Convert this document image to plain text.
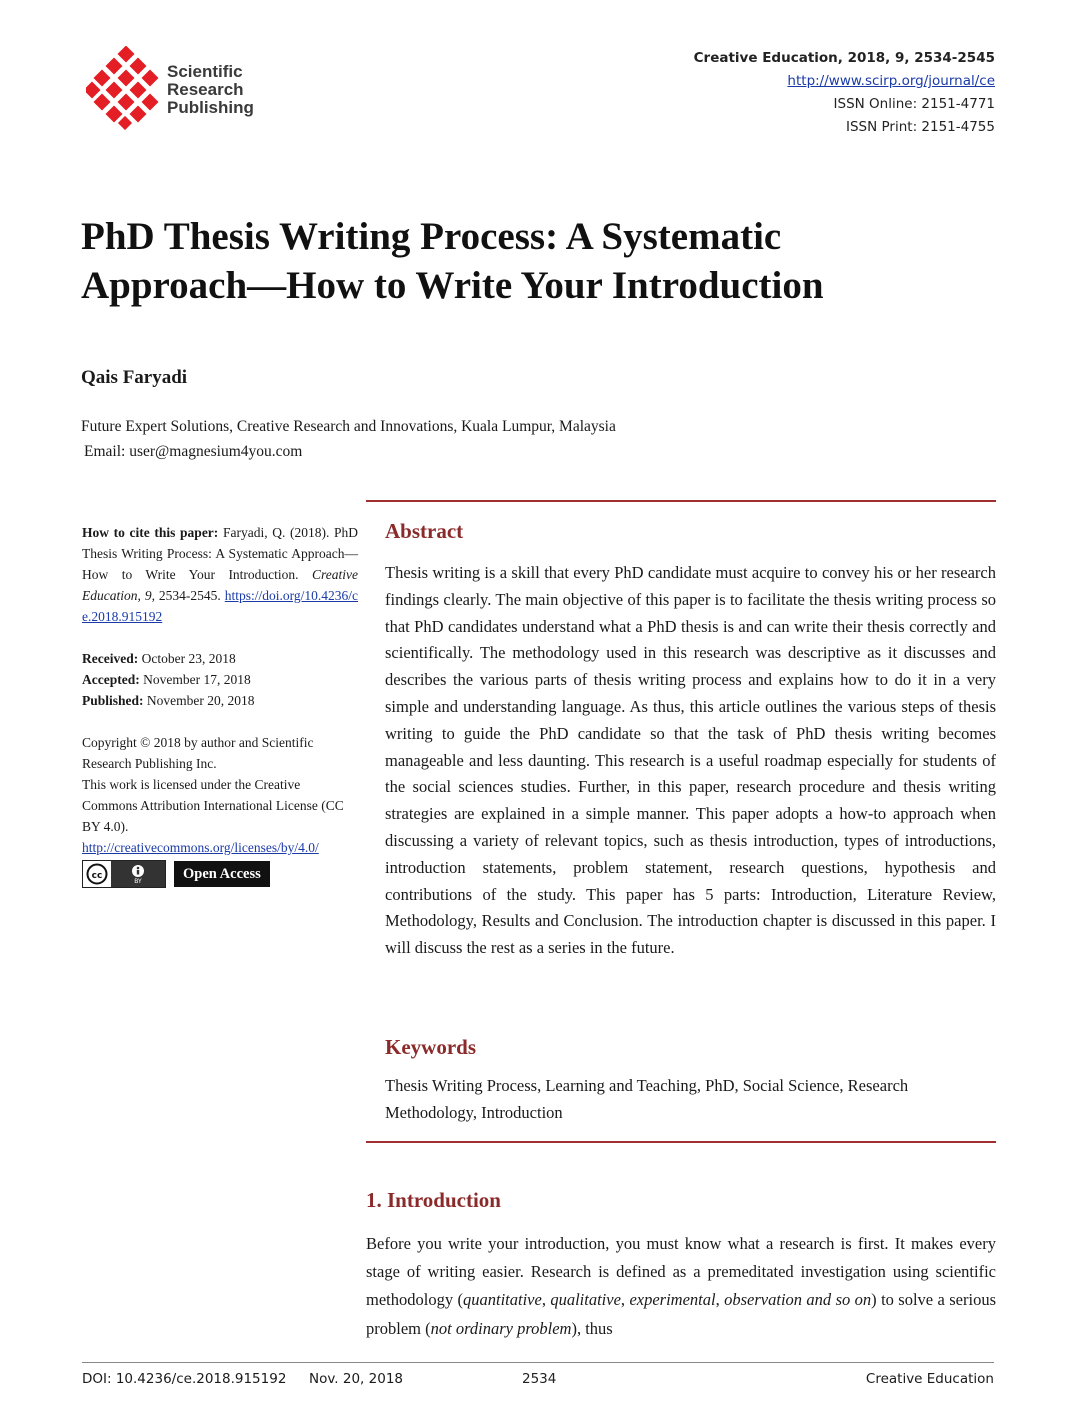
Scientific
Research
Publishing
Creative Education, 2018, 9, 2534-2545
http://www.scirp.org/journal/ce
ISSN Online: 2151-4771
ISSN Print: 2151-4755
PhD Thesis Writing Process: A Systematic
Approach—How to Write Your Introduction
Qais Faryadi
Future Expert Solutions, Creative Research and Innovations, Kuala Lumpur, Malaysia
Email: user@magnesium4you.com

How to cite this paper: Faryadi, Q. (2018). PhD Thesis Writing Process: A Systematic Approach—How to Write Your Introduction. Creative Education, 9, 2534-2545. https://doi.org/10.4236/ce.2018.915192

Received: October 23, 2018
Accepted: November 17, 2018
Published: November 20, 2018

Copyright © 2018 by author and Scientific Research Publishing Inc.
This work is licensed under the Creative Commons Attribution International License (CC BY 4.0).
http://creativecommons.org/licenses/by/4.0/
cc	BY	Open Access
Abstract
Thesis writing is a skill that every PhD candidate must acquire to convey his or her research findings clearly. The main objective of this paper is to facilitate the thesis writing process so that PhD candidates understand what a PhD thesis is and can write their thesis correctly and scientifically. The methodology used in this research was descriptive as it discusses and describes the various parts of thesis writing process and explains how to do it in a very simple and understanding language. As thus, this article outlines the various steps of thesis writing to guide the PhD candidate so that the task of PhD thesis writing becomes manageable and less daunting. This research is a useful roadmap especially for students of the social sciences studies. Further, in this paper, research procedure and thesis writing strategies are explained in a simple manner. This paper adopts a how-to approach when discussing a variety of relevant topics, such as thesis introduction, types of introductions, introduction statements, problem statement, research questions, hypothesis and contributions of the study. This paper has 5 parts: Introduction, Literature Review, Methodology, Results and Conclusion. The introduction chapter is discussed in this paper. I will discuss the rest as a series in the future.
Keywords
Thesis Writing Process, Learning and Teaching, PhD, Social Science, Research Methodology, Introduction
1. Introduction
Before you write your introduction, you must know what a research is first. It makes every stage of writing easier. Research is defined as a premeditated investigation using scientific methodology (quantitative, qualitative, experimental, observation and so on) to solve a serious problem (not ordinary problem), thus
DOI: 10.4236/ce.2018.915192 Nov. 20, 2018	2534	Creative Education
